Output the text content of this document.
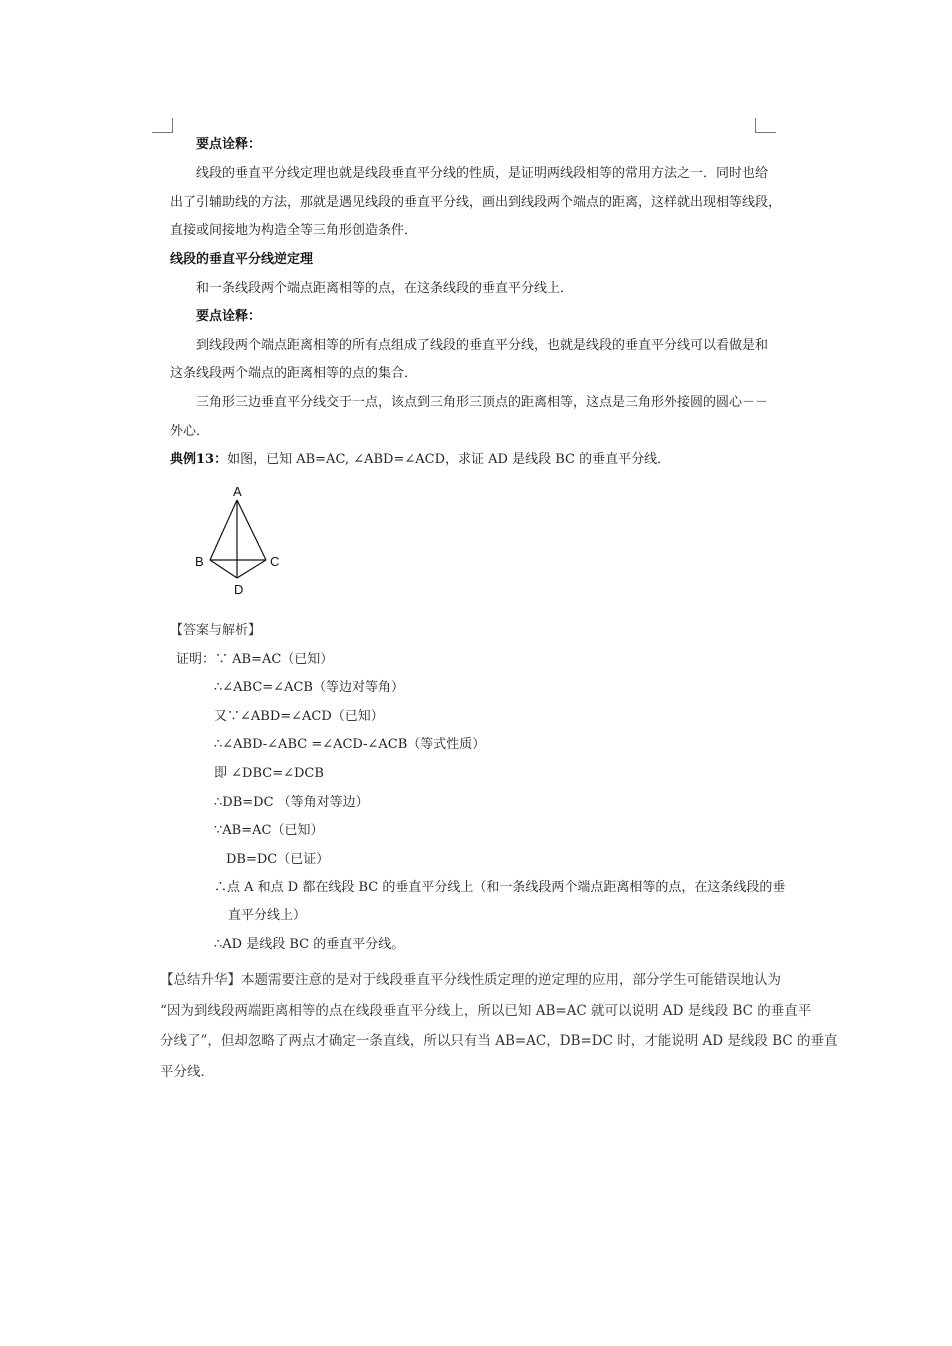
要点诠释：
线段的垂直平分线定理也就是线段垂直平分线的性质，是证明两线段相等的常用方法之一．同时也给
出了引辅助线的方法，那就是遇见线段的垂直平分线，画出到线段两个端点的距离，这样就出现相等线段，
直接或间接地为构造全等三角形创造条件．
线段的垂直平分线逆定理
和一条线段两个端点距离相等的点，在这条线段的垂直平分线上．
要点诠释：
到线段两个端点距离相等的所有点组成了线段的垂直平分线，也就是线段的垂直平分线可以看做是和
这条线段两个端点的距离相等的点的集合．
三角形三边垂直平分线交于一点，该点到三角形三顶点的距离相等，这点是三角形外接圆的圆心－－
外心．
典例13：如图，已知 AB=AC, ∠ABD=∠ACD，求证 AD 是线段 BC 的垂直平分线．
A
B	C
D
【答案与解析】
证明：∵ AB=AC（已知）
∴∠ABC=∠ACB（等边对等角）
又∵∠ABD=∠ACD（已知）
∴∠ABD-∠ABC =∠ACD-∠ACB（等式性质）
即 ∠DBC=∠DCB
∴DB=DC （等角对等边）
∵AB=AC（已知）
DB=DC（已证）
∴点 A 和点 D 都在线段 BC 的垂直平分线上（和一条线段两个端点距离相等的点，在这条线段的垂
直平分线上）
∴AD 是线段 BC 的垂直平分线。
【总结升华】本题需要注意的是对于线段垂直平分线性质定理的逆定理的应用，部分学生可能错误地认为
“因为到线段两端距离相等的点在线段垂直平分线上，所以已知 AB=AC 就可以说明 AD 是线段 BC 的垂直平
分线了”，但却忽略了两点才确定一条直线，所以只有当 AB=AC，DB=DC 时，才能说明 AD 是线段 BC 的垂直
平分线．
